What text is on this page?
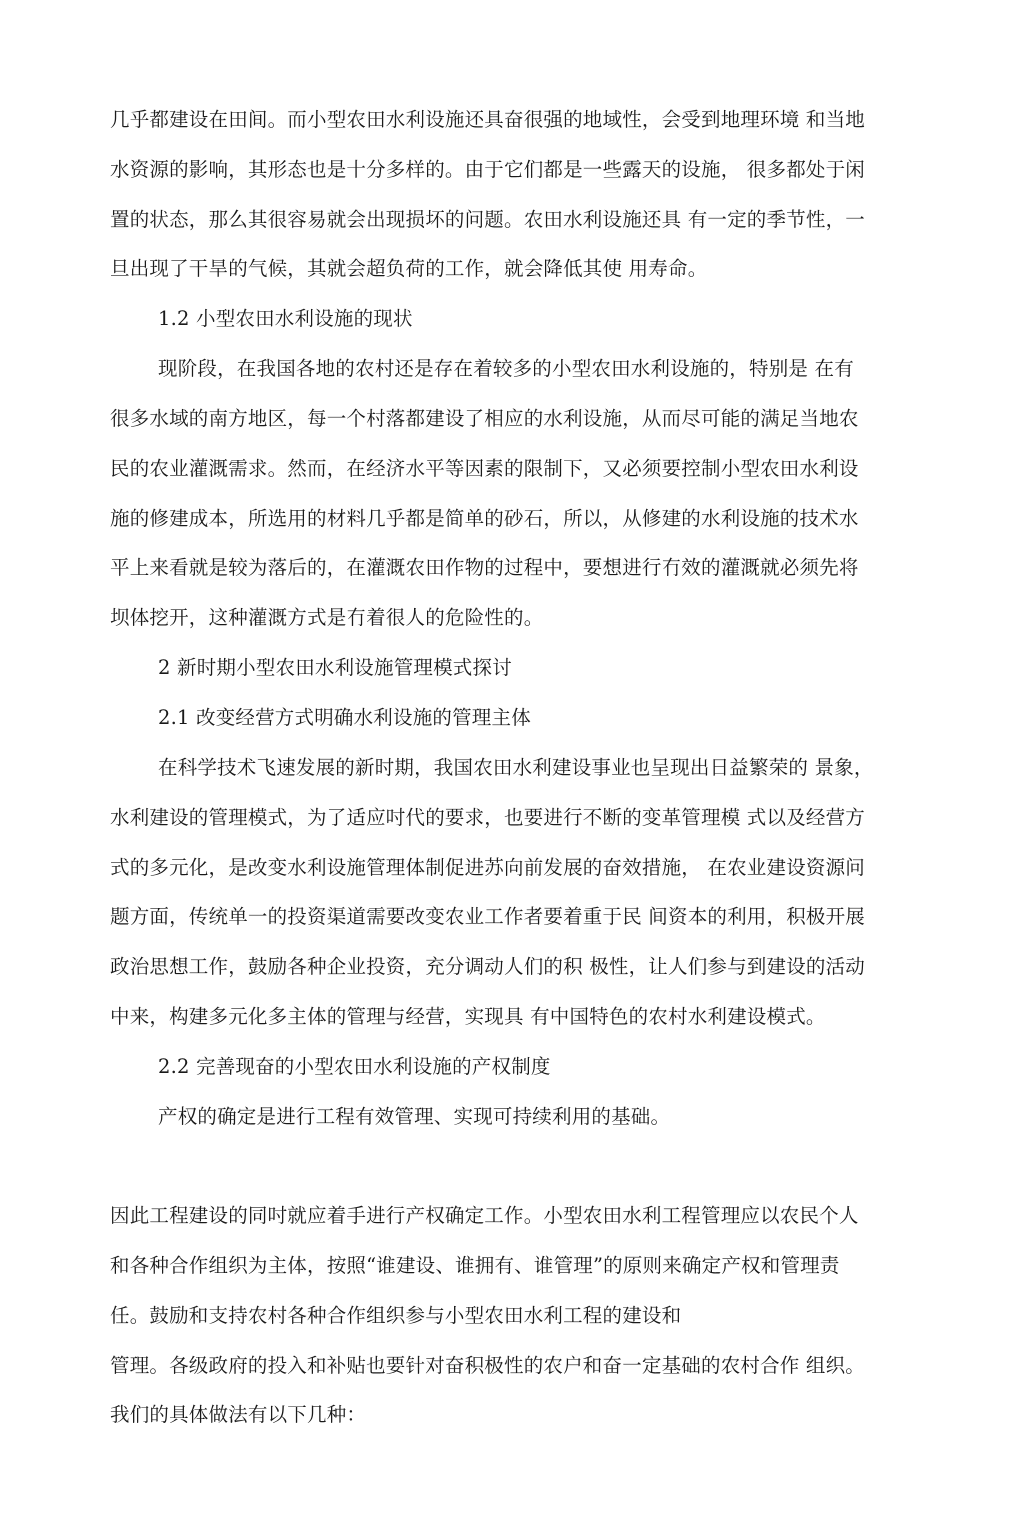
几乎都建设在田间。而小型农田水利设施还具奋很强的地域性，会受到地理环境 和当地
水资源的影响，其形态也是十分多样的。由于它们都是一些露天的设施， 很多都处于闲
置的状态，那么其很容易就会出现损坏的问题。农田水利设施还具 有一定的季节性，一
旦出现了干旱的气候，其就会超负荷的工作，就会降低其使 用寿命。
1.2 小型农田水利设施的现状
现阶段，在我国各地的农村还是存在着较多的小型农田水利设施的，特别是 在有
很多水域的南方地区，每一个村落都建设了相应的水利设施，从而尽可能的满足当地农
民的农业灌溉需求。然而，在经济水平等因素的限制下，又必须要控制小型农田水利设
施的修建成本，所选用的材料几乎都是简单的砂石，所以，从修建的水利设施的技术水
平上来看就是较为落后的，在灌溉农田作物的过程中，要想进行冇效的灌溉就必须先将
坝体挖开，这种灌溉方式是冇着很人的危险性的。
2 新时期小型农田水利设施管理模式探讨
2.1 改变经营方式明确水利设施的管理主体
在科学技术飞速发展的新时期，我国农田水利建设事业也呈现出日益繁荣的 景象，
水利建设的管理模式，为了适应吋代的要求，也要进行不断的变革管理模 式以及经营方
式的多元化，是改变水利设施管理体制促进苏向前发展的奋效措施， 在农业建设资源问
题方面，传统单一的投资渠道需要改变农业工作者要着重于民 间资本的利用，积极开展
政治思想工作，鼓励各种企业投资，充分调动人们的积 极性，让人们参与到建设的活动
中来，构建多元化多主体的管理与经营，实现具 有中国特色的农村水利建设模式。
2.2 完善现奋的小型农田水利设施的产权制度
产权的确定是进行工程有效管理、实现可持续利用的基础。
因此工程建设的同吋就应着手进行产权确定工作。小型农田水利工程管理应以农民个人
和各种合作组织为主体，按照“谁建设、谁拥有、谁管理”的原则来确定产权和管理责
任。鼓励和支持农村各种合作组织参与小型农田水利工程的建设和
管理。各级政府的投入和补贴也要针对奋积极性的农户和奋一定基础的农村合作 组织。
我们的具体做法有以下几种：
